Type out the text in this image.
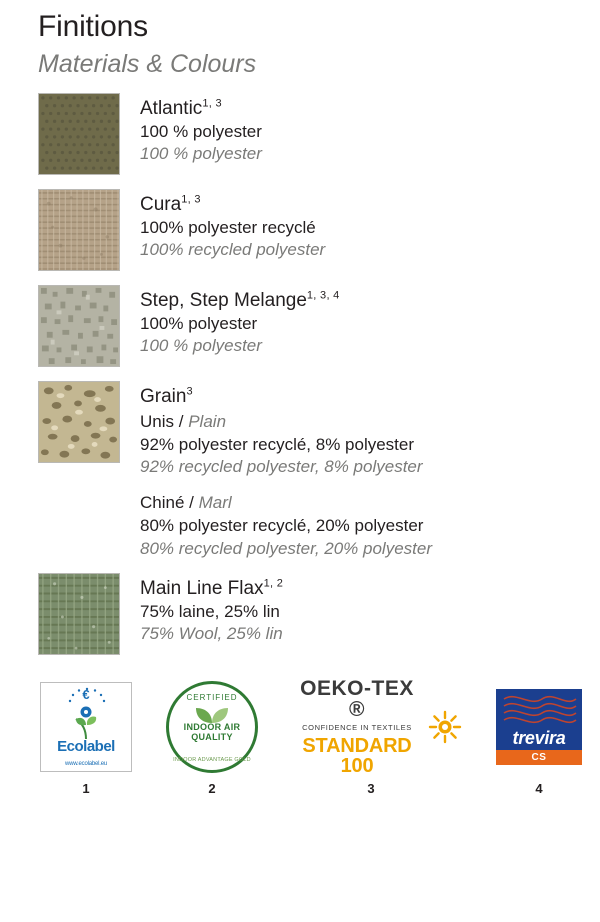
Finitions
Materials & Colours
Atlantic$^{1, 3}$
100 % polyester
100 % polyester
Cura$^{1, 3}$
100% polyester recyclé
100% recycled polyester
Step, Step Melange$^{1, 3, 4}$
100% polyester
100 % polyester
Grain$^3$
Unis / Plain
92% polyester recyclé, 8% polyester
92% recycled polyester, 8% polyester
Chiné / Marl
80% polyester recyclé, 20% polyester
80% recycled polyester, 20% polyester
Main Line Flax$^{1, 2}$
75% laine, 25% lin
75% Wool, 25% lin
€
Ecolabel
www.ecolabel.eu
1
CERTIFIED
INDOOR AIR QUALITY
INDOOR ADVANTAGE GOLD
2
OEKO-TEX ®
CONFIDENCE IN TEXTILES
STANDARD 100
3
trevira
CS
4
